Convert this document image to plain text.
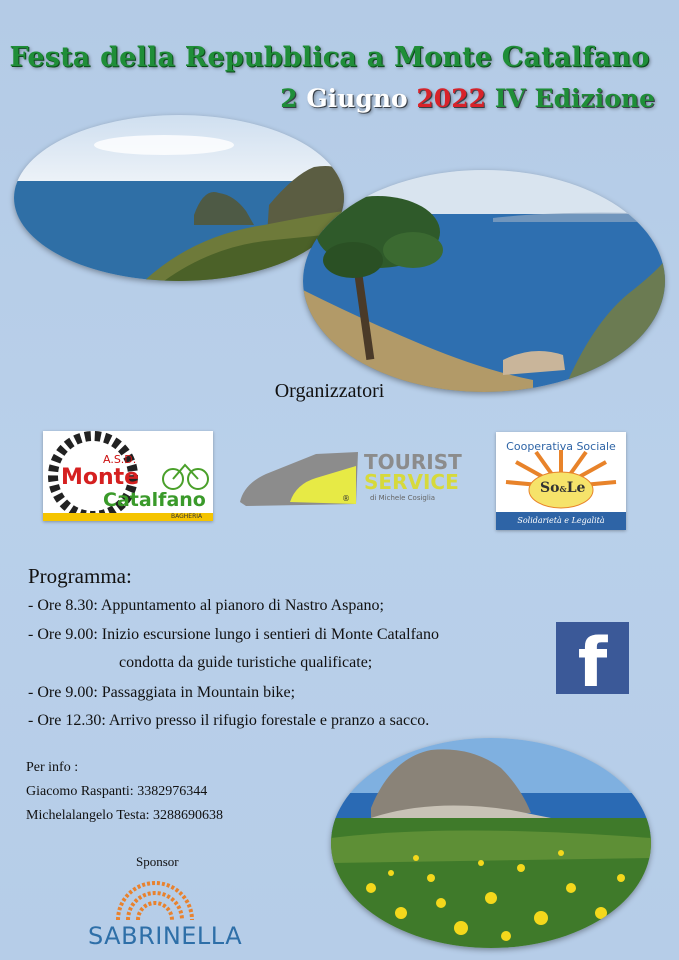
Festa della Repubblica a Monte Catalfano
2 Giugno 2022 IV Edizione
Organizzatori
A.S.D.
Monte
Catalfano
BAGHERIA
TOURIST
SERVICE
di Michele Cosiglia
®
Cooperativa Sociale
So&Le
Solidarietà e Legalità
Programma:
- Ore 8.30: Appuntamento al pianoro di Nastro Aspano;
- Ore 9.00: Inizio escursione lungo i sentieri di Monte Catalfano
condotta da guide turistiche qualificate;
- Ore 9.00: Passaggiata in Mountain bike;
- Ore 12.30: Arrivo presso il rifugio forestale e pranzo a sacco.
f
Per info :
Giacomo Raspanti: 3382976344
Michelalangelo Testa: 3288690638
Sponsor
SABRINELLA
